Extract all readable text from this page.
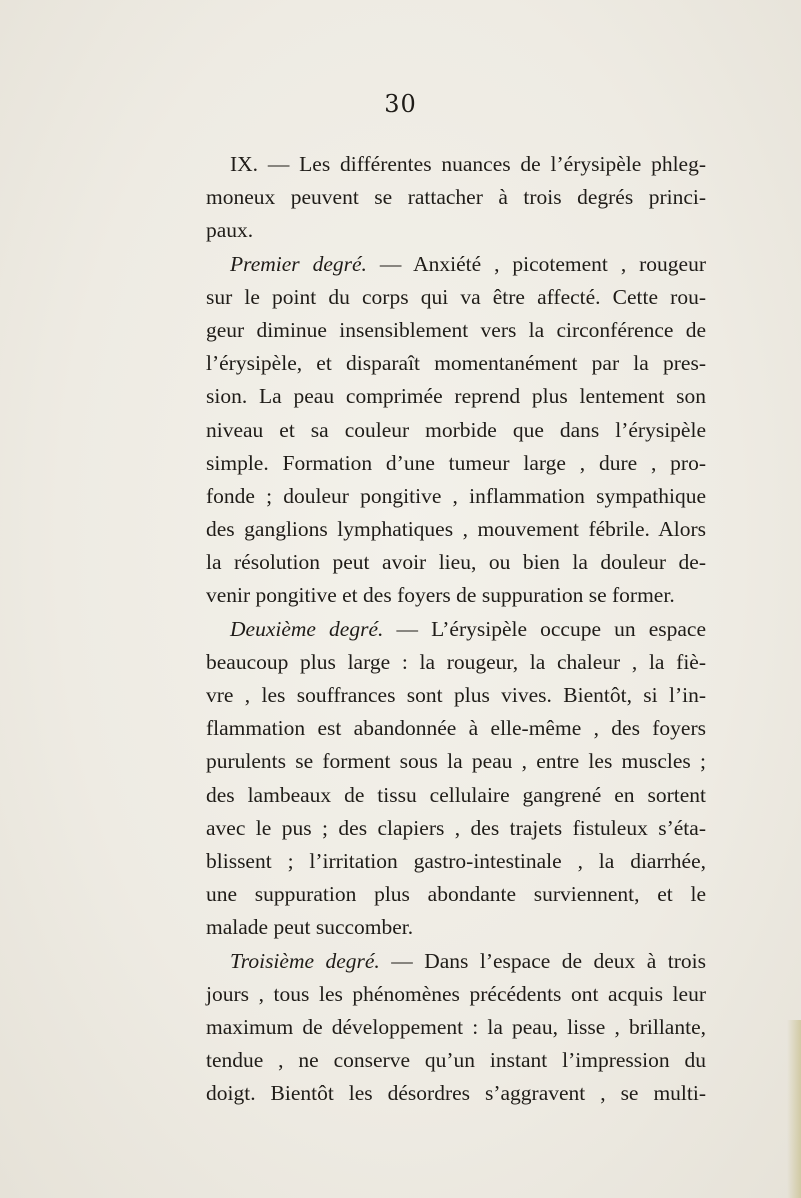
30
IX. — Les différentes nuances de l’érysipèle phleg-
moneux peuvent se rattacher à trois degrés princi-
paux.
Premier degré. — Anxiété , picotement , rougeur
sur le point du corps qui va être affecté. Cette rou-
geur diminue insensiblement vers la circonférence de
l’érysipèle, et disparaît momentanément par la pres-
sion. La peau comprimée reprend plus lentement son
niveau et sa couleur morbide que dans l’érysipèle
simple. Formation d’une tumeur large , dure , pro-
fonde ; douleur pongitive , inflammation sympathique
des ganglions lymphatiques , mouvement fébrile. Alors
la résolution peut avoir lieu, ou bien la douleur de-
venir pongitive et des foyers de suppuration se former.
Deuxième degré. — L’érysipèle occupe un espace
beaucoup plus large : la rougeur, la chaleur , la fiè-
vre , les souffrances sont plus vives. Bientôt, si l’in-
flammation est abandonnée à elle-même , des foyers
purulents se forment sous la peau , entre les muscles ;
des lambeaux de tissu cellulaire gangrené en sortent
avec le pus ; des clapiers , des trajets fistuleux s’éta-
blissent ; l’irritation gastro-intestinale , la diarrhée,
une suppuration plus abondante surviennent, et le
malade peut succomber.
Troisième degré. — Dans l’espace de deux à trois
jours , tous les phénomènes précédents ont acquis leur
maximum de développement : la peau, lisse , brillante,
tendue , ne conserve qu’un instant l’impression du
doigt. Bientôt les désordres s’aggravent , se multi-
